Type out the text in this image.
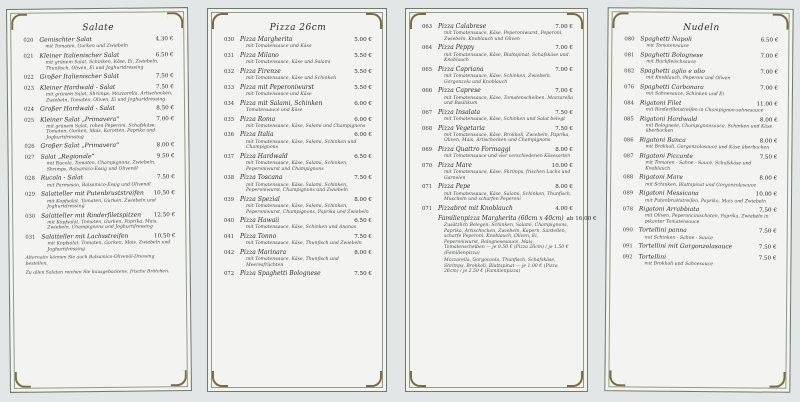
Salate
020 Gemischter Salat	4.30 €
mit Tomaten, Gurken und Zwiebeln
021 Kleiner Italienischer Salat	6.50 €
mit grünem Salat, Schinken, Käse, Ei, Zwiebeln, Thunfisch, Oliven, Ei und Joghurtdressing
022 Großer Italienischer Salat	7.50 €
023 Kleiner Hardwald - Salat	7.50 €
mit grünem Salat, Shrimps, Mozzarella, Artischocken, Zwiebeln, Tomaten, Oliven, Ei und Joghurtdressing
024 Großer Hardwald - Salat	8.50 €
025 Kleiner Salat „Primavera“	7.00 €
mit grünem Salat, rohen Peperoni, Schafskäse, Tomaten, Gurken, Mais, Karotten, Paprika und Joghurtdressing
026 Großer Salat „Primavera“	8.00 €
027 Salat „Regionale“	9.50 €
mit Rucola, Tomaten, Champignons, Zwiebeln, Shrimps, Balsamico-Essig und Olivenöl
028 Rucola - Salat	7.50 €
mit Parmesan, Balsamico-Essig und Olivenöl
029 Salatteller mit Putenbruststreifen	10.50 €
mit Kopfsalat, Tomaten, Gurken, Zwiebeln und Joghurtdressing
030 Salatteller mit Rinderfiletspitzen	12.50 €
mit Kopfsalat, Tomaten, Gurken, Paprika, Mais, Zwiebeln, Champignons und Joghurtdressing
031 Salatteller mit Lachsstreifen	10.50 €
mit Kopfsalat, Tomaten, Gurken, Mais, Zwiebeln und Joghurtdressing
Alternativ können Sie auch Balsamico-Olivenöl-Dressing bestellen.
Zu allen Salaten reichen Sie hausgebackene, frische Brötchen.
Pizza 26cm
030 Pizza Margherita	5.00 €
mit Tomatensauce und Käse
031 Pizza Milano	5.50 €
mit Tomatensauce, Käse und Salami
032 Pizza Firenze	5.50 €
mit Tomatensauce, Käse und Schinken
033 Pizza mit Peperoniwurst	5.50 €
mit Tomatensauce und Käse
034 Pizza mit Salami, Schinken	6.00 €
Tomatensauce und Käse
035 Pizza Roma	6.00 €
mit Tomatensauce, Käse, Salami und Champignons
036 Pizza Italia	6.00 €
mit Tomatensauce, Käse, Salami, Schinken und Champignons
037 Pizza Hardwald	6.50 €
mit Tomatensauce, Käse, Salami, Schinken, Peperoniwurst und Champignons
038 Pizza Toscana	7.50 €
mit Tomatensauce, Käse, Salami, Schinken, Peperoniwurst, Champignons und Zwiebeln
039 Pizza Spezial	8.00 €
mit Tomatensauce, Käse, Salami, Schinken, Peperoniwurst, Champignons, Paprika und Zwiebeln
040 Pizza Hawaii	6.50 €
mit Tomatensauce, Käse, Schinken und Ananas
041 Pizza Tonno	7.50 €
mit Tomatensauce, Käse, Thunfisch und Zwiebeln
042 Pizza Marinara	8.00 €
mit Tomatensauce, Käse, Thunfisch und Meeresfrüchten
072 Pizza Spaghetti Bolognese	7.50 €
063 Pizza Calabrese	7.00 €
mit Tomatensauce, Käse, Peperoniwurst, Peperoni, Zwiebeln, Knoblauch und Oliven
064 Pizza Peppy	7.00 €
mit Tomatensauce, Käse, Blattspinat, Schafskäse und Knoblauch
065 Pizza Capriana	7.00 €
mit Tomatensauce, Käse, Schinken, Zwiebeln, Gorgonzola und Knoblauch
066 Pizza Caprese	7.00 €
mit Tomatensauce, Käse, Tomatenscheiben, Mozzarella und Basilikum
067 Pizza Insalata	7.50 €
mit Tomatensauce, Käse, Schinken und Salat belegt
068 Pizza Vegetaria	7.50 €
mit Tomatensauce, Käse, Brokkoli, Zwiebeln, Paprika, Oliven, Mais, Artischocken und Champignons
069 Pizza Quattro Formaggi	8.00 €
mit Tomatensauce und vier verschiedenen Käsesorten
070 Pizza Mare	10.00 €
mit Tomatensauce, Käse, Shrimps, frischen Lachs und Garnelen
071 Pizza Pepe	8.00 €
mit Tomatensauce, Käse, Salami, Schinken, Thunfisch, Muscheln und scharfen Peperoni
071 Pizzabrot mit Knoblauch	4.00 €
Familienpizza Margherita (60cm x 40cm) ab 16.00 €
Zusätzlich Belegen: Schinken, Salami, Champignons, Paprika, Artischocken, Zwiebeln, Kapern, Sardellen, scharfe Peperoni, Knoblauch, Oliven, Ei, Peperoniwurst, Bolognesesauce, Mais, Tomatenscheiben — je 0.50 € (Pizza 26cm) / je 1.50 € (Familienpizza)
Mozzarella, Gorgonzola, Thunfisch, Schafskäse, Shrimps, Brokkoli, Blattspinat — je 1.00 € (Pizza 26cm) / je 2.50 € (Familienpizza)
Nudeln
080 Spaghetti Napoli	6.50 €
mit Tomatensauce
081 Spaghetti Bolognese	7.00 €
mit Hackfleischsauce
082 Spaghetti aglio e olio	7.00 €
mit Knoblauch, Peperoni und Oliven
076 Spaghetti Carbonara	7.00 €
mit Sahnesauce, Schinken und Ei
084 Rigatoni Filet	11.00 €
mit Rinderfiletstreifen in Champignon-sahnesauce
085 Rigatoni Hardwald	8.00 €
mit Bolognese, Champignonsauce, Schinken und Käse überbacken
086 Rigatoni Banca	8.00 €
mit Brokkoli, Gorgonzolasauce und Käse überbacken
087 Rigatoni Piccante	7.50 €
mit Tomaten - Sahne - Sauce, Schafskäse und Knoblauch
088 Rigatoni Mare	8.00 €
mit Schinken, Blattspinat und Gorgonzolasauce
089 Rigatoni Messicana	10.00 €
mit Putenbruststreifen, Paprika, Mais und Zwiebeln
078 Rigatoni Arrabbiata	7.50 €
mit Oliven, Peperoncinischoten, Paprika, Zwiebeln in pikanter Tomatensauce
090 Tortellini panna	7.50 €
mit Schinken - Sahne - Sauce
091 Tortellini mit Gorgonzolasauce	7.50 €
092 Tortellini	7.50 €
mit Brokkoli und Sahnesauce
